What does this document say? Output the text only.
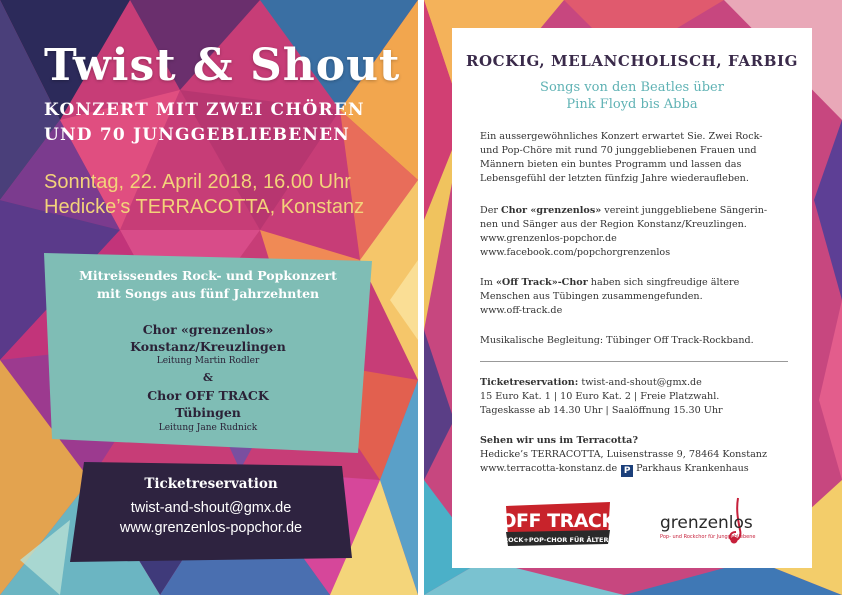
Twist & Shout
KONZERT MIT ZWEI CHÖREN
UND 70 JUNGGEBLIEBENEN
Sonntag, 22. April 2018, 16.00 Uhr
Hedicke’s TERRACOTTA, Konstanz
Mitreissendes Rock- und Popkonzert
mit Songs aus fünf Jahrzehnten
Chor «grenzenlos»
Konstanz/Kreuzlingen
Leitung Martin Rodler
&
Chor OFF TRACK
Tübingen
Leitung Jane Rudnick
Ticketreservation
twist-and-shout@gmx.de
www.grenzenlos-popchor.de
ROCKIG, MELANCHOLISCH, FARBIG
Songs von den Beatles über
Pink Floyd bis Abba
Ein aussergewöhnliches Konzert erwartet Sie. Zwei Rock-
und Pop-Chöre mit rund 70 junggebliebenen Frauen und
Männern bieten ein buntes Programm und lassen das
Lebensgefühl der letzten fünfzig Jahre wiederaufleben.
Der Chor «grenzenlos» vereint junggebliebene Sängerin-
nen und Sänger aus der Region Konstanz/Kreuzlingen.
www.grenzenlos-popchor.de
www.facebook.com/popchorgrenzenlos
Im «Off Track»-Chor haben sich singfreudige ältere
Menschen aus Tübingen zusammengefunden.
www.off-track.de
Musikalische Begleitung: Tübinger Off Track-Rockband.
Ticketreservation: twist-and-shout@gmx.de
15 Euro Kat. 1 | 10 Euro Kat. 2 | Freie Platzwahl.
Tageskasse ab 14.30 Uhr | Saalöffnung 15.30 Uhr
Sehen wir uns im Terracotta?
Hedicke’s TERRACOTTA, Luisenstrasse 9, 78464 Konstanz
www.terracotta-konstanz.de P Parkhaus Krankenhaus
OFF TRACK
ROCK+POP-CHOR FÜR ÄLTERE
grenzenlos
Pop- und Rockchor für Junggebliebene
